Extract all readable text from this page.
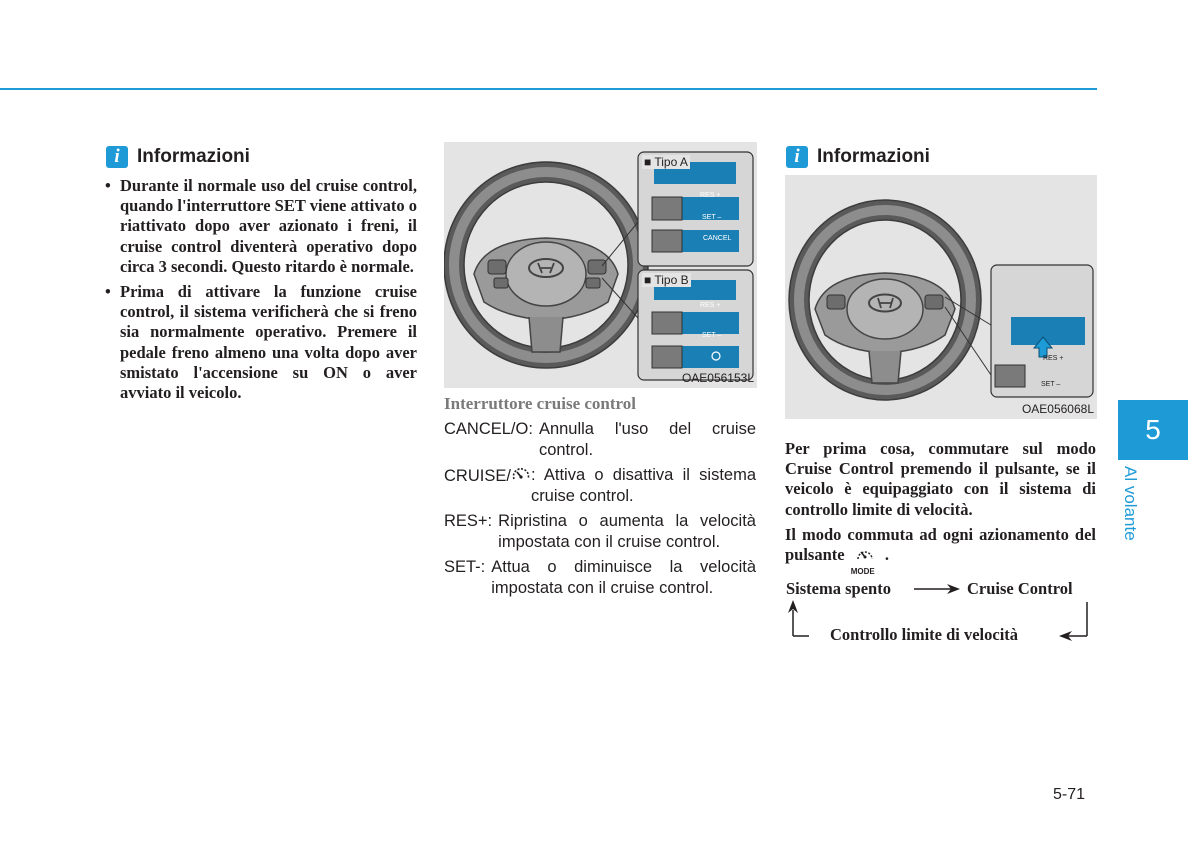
i Informazioni
• Durante il normale uso del cruise control, quando l'interruttore SET viene attivato o riattivato dopo aver azionato i freni, il cruise control diventerà operativo dopo circa 3 secondi. Questo ritardo è normale.
• Prima di attivare la funzione cruise control, il sistema verificherà che si freno sia normalmente operativo. Premere il pedale freno almeno una volta dopo aver smistato l'accensione su ON o aver avviato il veicolo.
■ Tipo A
RES +
SET –
CANCEL
■ Tipo B
RES +
SET –
OAE056153L
Interruttore cruise control
CANCEL/O: Annulla l'uso del cruise control.
CRUISE/	: Attiva o disattiva il sistema cruise control.
RES+: Ripristina o aumenta la velocità impostata con il cruise control.
SET-: Attua o diminuisce la velocità impostata con il cruise control.
i Informazioni
RES +
SET –
OAE056068L
Per prima cosa, commutare sul modo Cruise Control premendo il pulsante, se il veicolo è equipaggiato con il sistema di controllo limite di velocità.
Il modo commuta ad ogni azionamento del pulsante
MODE
.
Sistema spento	Cruise Control
Controllo limite di velocità
5
Al volante
5-71
